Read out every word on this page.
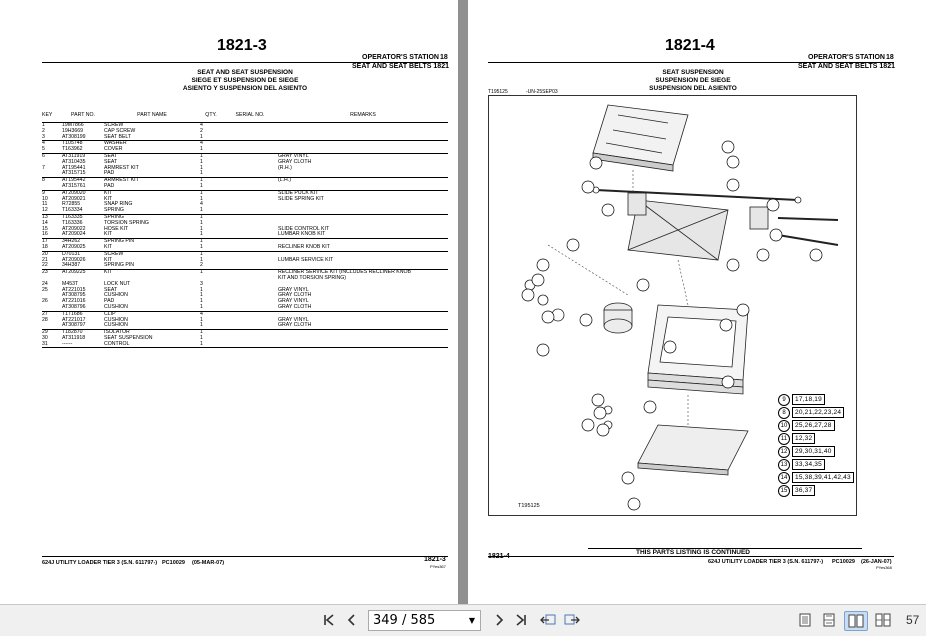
1821-3
OPERATOR'S STATION 18
SEAT AND SEAT BELTS 1821
SEAT AND SEAT SUSPENSION
SIEGE ET SUSPENSION DE SIEGE
ASIENTO Y SUSPENSION DEL ASIENTO
KEY	PART NO.	PART NAME	QTY.	SERIAL NO.	REMARKS
1	19M7866	SCREW	4
2	19H3669	CAP SCREW	2
3	AT308199	SEAT BELT	1
4	T105748	WASHER	4
5	T163962	COVER	1
6	AT311919	SEAT	1	GRAY VINYL
AT310435	SEAT	1	GRAY CLOTH
7	AT195441	ARMREST KIT	1	(R.H.)
AT315715	PAD	1
8	AT195442	ARMREST KIT	1	(L.H.)
AT315761	PAD	1
9	AT209020	KIT	1	SLIDE PUCK KIT
10	AT209021	KIT	1	SLIDE SPRING KIT
11	R72855	SNAP RING	4
12	T163334	SPRING	1
13	T163335	SPRING	1
14	T163336	TORSION SPRING	1
15	AT209022	HOSE KIT	1	SLIDE CONTROL KIT
16	AT209024	KIT	1	LUMBAR KNOB KIT
17	34H262	SPRING PIN	1
18	AT209025	KIT	1	RECLINER KNOB KIT
20	D70131	SCREW	1
21	AT209026	KIT	1	LUMBAR SERVICE KIT
22	34H387	SPRING PIN	2
23	AT209225	KIT	1	RECLINER SERVICE KIT (INCLUDES RECLINER KNOB
KIT AND TORSION SPRING)
24	M453T	LOCK NUT	3
25	AT221015	SEAT	1	GRAY VINYL
AT308795	CUSHION	1	GRAY CLOTH
26	AT221016	PAD	1	GRAY VINYL
AT308796	CUSHION	1	GRAY CLOTH
27	T171686	CLIP	4
28	AT221017	CUSHION	1	GRAY VINYL
AT308797	CUSHION	1	GRAY CLOTH
29	T182870	ISOLATOR	1
30	AT311918	SEAT SUSPENSION	1
31	------	CONTROL	1
624J UTILITY LOADER TIER 3 (S.N. 611797-) PC10029 (05-MAR-07)	1821-3
PYes367
1821-4
OPERATOR'S STATION 18
SEAT AND SEAT BELTS 1821
SEAT SUSPENSION
SUSPENSION DE SIEGE
SUSPENSION DEL ASIENTO
T195125	-UN-25SEP03
T195125
9	17,18,19
8	20,21,22,23,24
10	25,26,27,28
11	12,32
12	29,30,31,40
13	33,34,35
14	15,38,39,41,42,43
15	36,37
THIS PARTS LISTING IS CONTINUED
1821-4
624J UTILITY LOADER TIER 3 (S.N. 611797-) PC10029 (26-JAN-07)
PYes368
349 / 585	▼	57
